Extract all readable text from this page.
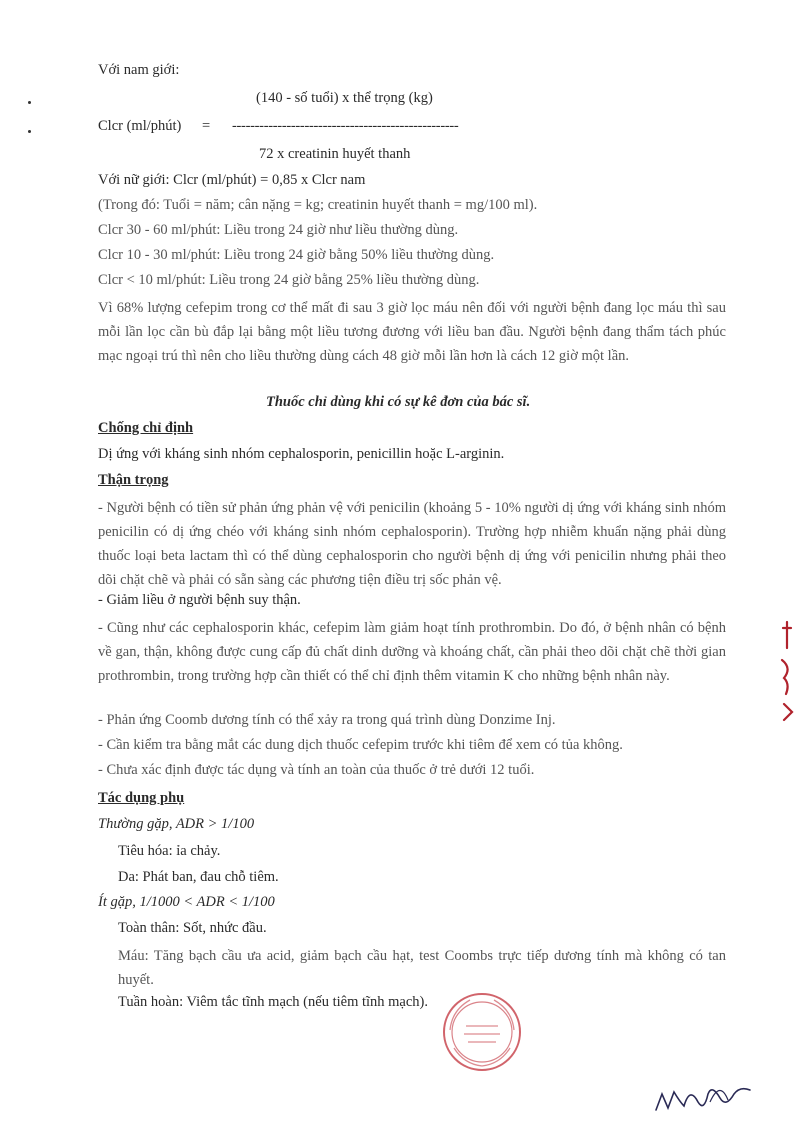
Với nam giới:
(140 - số tuổi) x thể trọng (kg)
Clcr (ml/phút) = --------------------------------------------------
72 x creatinin huyết thanh
Với nữ giới: Clcr (ml/phút) = 0,85 x Clcr nam
(Trong đó: Tuổi = năm; cân nặng = kg; creatinin huyết thanh = mg/100 ml).
Clcr 30 - 60 ml/phút: Liều trong 24 giờ như liều thường dùng.
Clcr 10 - 30 ml/phút: Liều trong 24 giờ bằng 50% liều thường dùng.
Clcr < 10 ml/phút: Liều trong 24 giờ bằng 25% liều thường dùng.
Vì 68% lượng cefepim trong cơ thể mất đi sau 3 giờ lọc máu nên đối với người bệnh đang lọc máu thì sau mỗi lần lọc cần bù đắp lại bằng một liều tương đương với liều ban đầu. Người bệnh đang thẩm tách phúc mạc ngoại trú thì nên cho liều thường dùng cách 48 giờ mỗi lần hơn là cách 12 giờ một lần.
Thuốc chỉ dùng khi có sự kê đơn của bác sĩ.
Chống chỉ định
Dị ứng với kháng sinh nhóm cephalosporin, penicillin hoặc L-arginin.
Thận trọng
- Người bệnh có tiền sử phản ứng phản vệ với penicilin (khoảng 5 - 10% người dị ứng với kháng sinh nhóm penicilin có dị ứng chéo với kháng sinh nhóm cephalosporin). Trường hợp nhiễm khuẩn nặng phải dùng thuốc loại beta lactam thì có thể dùng cephalosporin cho người bệnh dị ứng với penicilin nhưng phải theo dõi chặt chẽ và phải có sẵn sàng các phương tiện điều trị sốc phản vệ.
- Giảm liều ở người bệnh suy thận.
- Cũng như các cephalosporin khác, cefepim làm giảm hoạt tính prothrombin. Do đó, ở bệnh nhân có bệnh về gan, thận, không được cung cấp đủ chất dinh dưỡng và khoáng chất, cần phải theo dõi chặt chẽ thời gian prothrombin, trong trường hợp cần thiết có thể chỉ định thêm vitamin K cho những bệnh nhân này.
- Phản ứng Coomb dương tính có thể xảy ra trong quá trình dùng Donzime Inj.
- Cần kiểm tra bằng mắt các dung dịch thuốc cefepim trước khi tiêm để xem có tủa không.
- Chưa xác định được tác dụng và tính an toàn của thuốc ở trẻ dưới 12 tuổi.
Tác dụng phụ
Thường gặp, ADR > 1/100
Tiêu hóa: ỉa chảy.
Da: Phát ban, đau chỗ tiêm.
Ít gặp, 1/1000 < ADR < 1/100
Toàn thân: Sốt, nhức đầu.
Máu: Tăng bạch cầu ưa acid, giảm bạch cầu hạt, test Coombs trực tiếp dương tính mà không có tan huyết.
Tuần hoàn: Viêm tắc tĩnh mạch (nếu tiêm tĩnh mạch).
